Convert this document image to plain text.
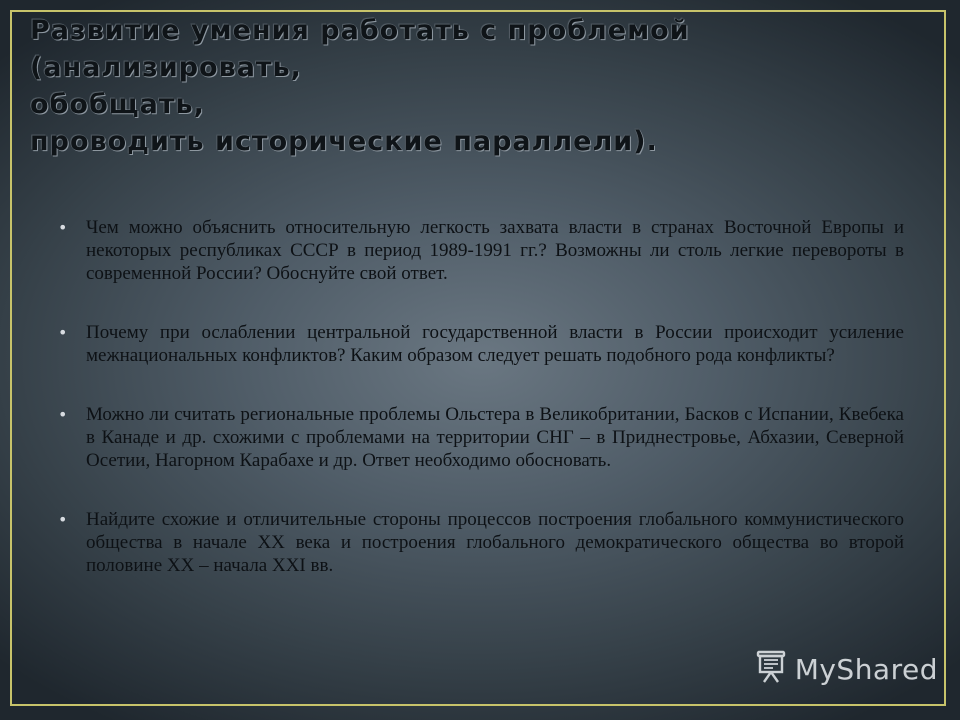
Развитие умения работать с проблемой (анализировать,
обобщать,
проводить исторические параллели).
• Чем можно объяснить относительную легкость захвата власти в странах Восточной Европы и некоторых республиках СССР в период 1989-1991 гг.? Возможны ли столь легкие перевороты в современной России? Обоснуйте свой ответ.
• Почему при ослаблении центральной государственной власти в России происходит усиление межнациональных конфликтов? Каким образом следует решать подобного рода конфликты?
• Можно ли считать региональные проблемы Ольстера в Великобритании, Басков с Испании, Квебека в Канаде и др. схожими с проблемами на территории СНГ – в Приднестровье, Абхазии, Северной Осетии, Нагорном Карабахе и др. Ответ необходимо обосновать.
• Найдите схожие и отличительные стороны процессов построения глобального коммунистического общества в начале XX века и построения глобального демократического общества во второй половине XX – начала XXI вв.
MyShared
